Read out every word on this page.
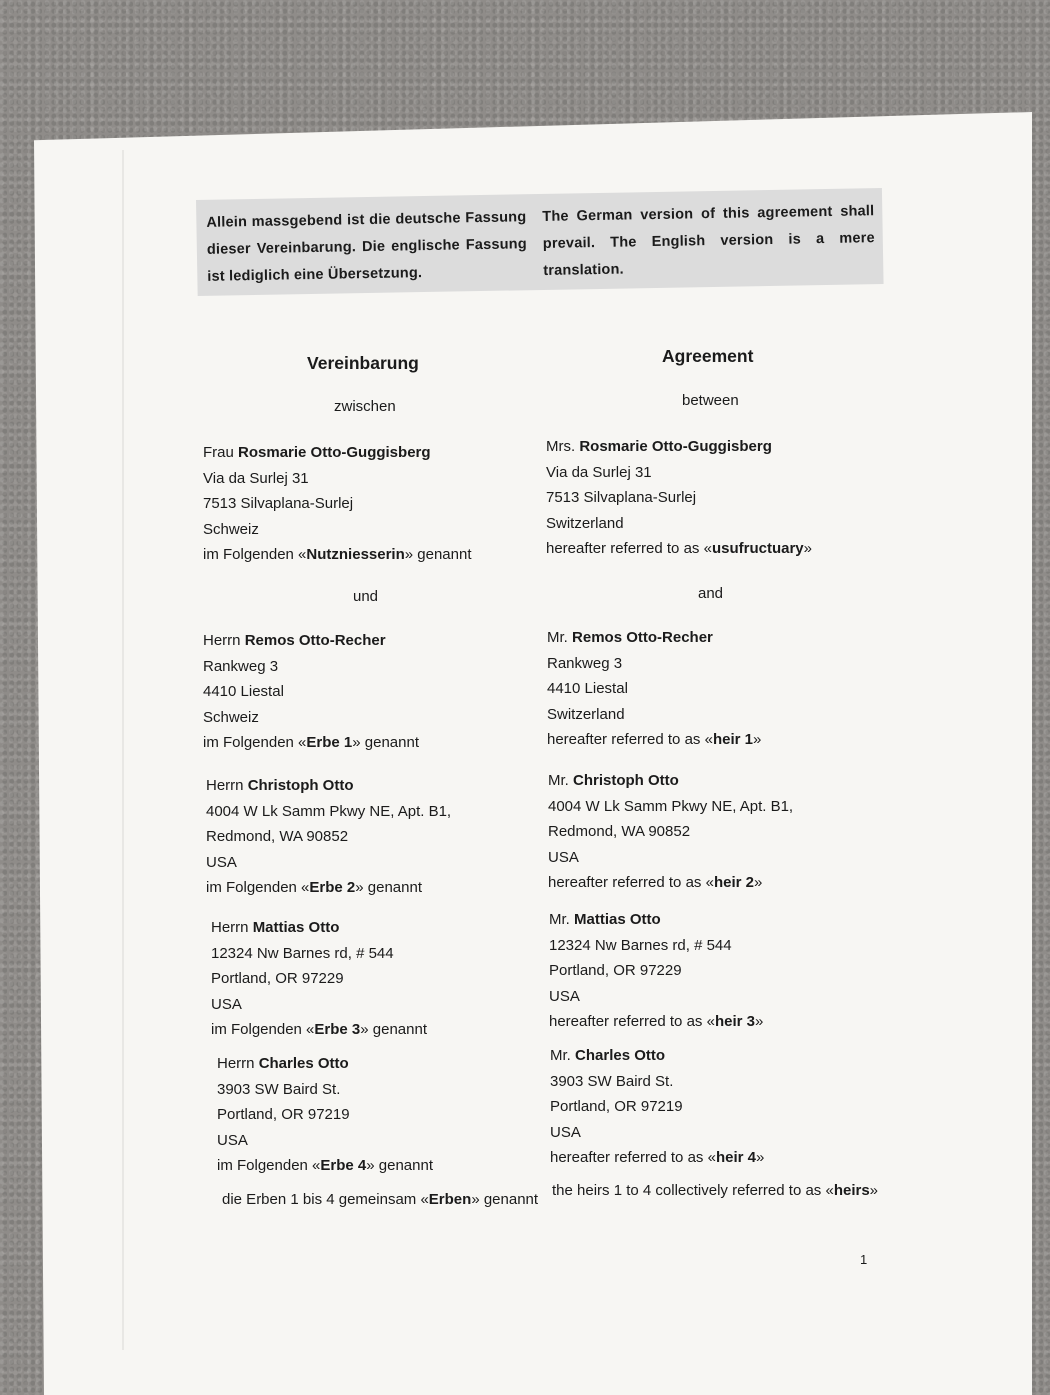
Allein massgebend ist die deutsche Fassung dieser Vereinbarung. Die englische Fassung ist lediglich eine Übersetzung.
The German version of this agreement shall prevail. The English version is a mere translation.
Vereinbarung	Agreement
zwischen	between
Frau Rosmarie Otto-Guggisberg
Via da Surlej 31
7513 Silvaplana-Surlej
Schweiz
im Folgenden «Nutzniesserin» genannt
Mrs. Rosmarie Otto-Guggisberg
Via da Surlej 31
7513 Silvaplana-Surlej
Switzerland
hereafter referred to as «usufructuary»
und	and
Herrn Remos Otto-Recher
Rankweg 3
4410 Liestal
Schweiz
im Folgenden «Erbe 1» genannt
Herrn Christoph Otto
4004 W Lk Samm Pkwy NE, Apt. B1,
Redmond, WA 90852
USA
im Folgenden «Erbe 2» genannt
Herrn Mattias Otto
12324 Nw Barnes rd, # 544
Portland, OR 97229
USA
im Folgenden «Erbe 3» genannt
Herrn Charles Otto
3903 SW Baird St.
Portland, OR 97219
USA
im Folgenden «Erbe 4» genannt
Mr. Remos Otto-Recher
Rankweg 3
4410 Liestal
Switzerland
hereafter referred to as «heir 1»
Mr. Christoph Otto
4004 W Lk Samm Pkwy NE, Apt. B1,
Redmond, WA 90852
USA
hereafter referred to as «heir 2»
Mr. Mattias Otto
12324 Nw Barnes rd, # 544
Portland, OR 97229
USA
hereafter referred to as «heir 3»
Mr. Charles Otto
3903 SW Baird St.
Portland, OR 97219
USA
hereafter referred to as «heir 4»
die Erben 1 bis 4 gemeinsam «Erben» genannt
the heirs 1 to 4 collectively referred to as «heirs»
1
